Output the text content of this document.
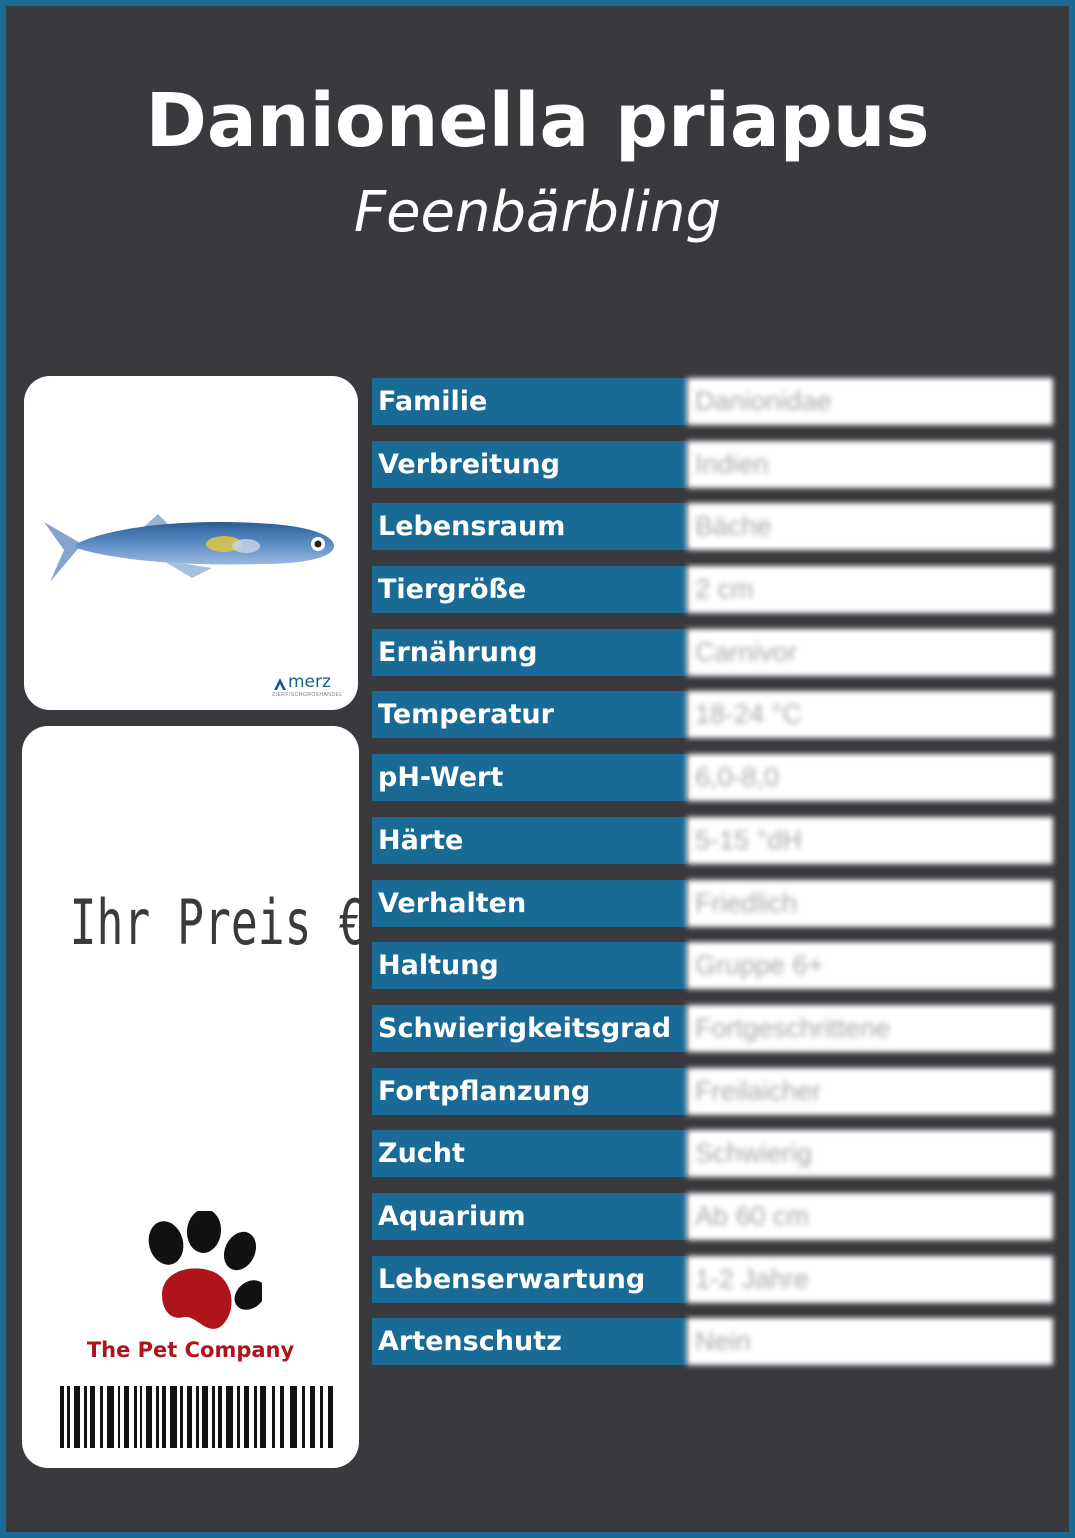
Danionella priapus
Feenbärbling
merz
ZIERFISCHGROßHANDEL
Ihr Preis €
The Pet Company
Familie	Danionidae
Verbreitung	Indien
Lebensraum	Bäche
Tiergröße	2 cm
Ernährung	Carnivor
Temperatur	18-24 °C
pH-Wert	6,0-8,0
Härte	5-15 °dH
Verhalten	Friedlich
Haltung	Gruppe 6+
Schwierigkeitsgrad Fortgeschrittene
Fortpflanzung	Freilaicher
Zucht	Schwierig
Aquarium	Ab 60 cm
Lebenserwartung	1-2 Jahre
Artenschutz	Nein
